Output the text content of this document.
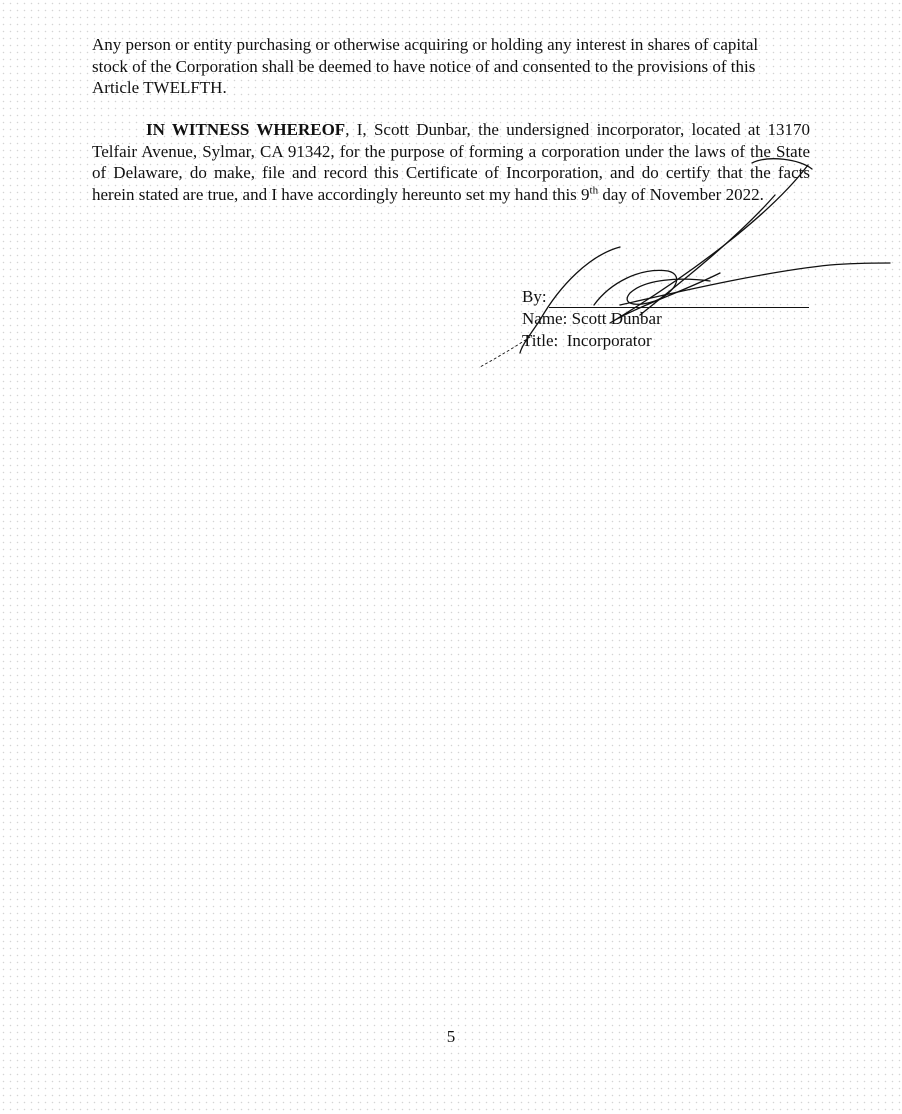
Any person or entity purchasing or otherwise acquiring or holding any interest in shares of capital stock of the Corporation shall be deemed to have notice of and consented to the provisions of this Article TWELFTH.

IN WITNESS WHEREOF, I, Scott Dunbar, the undersigned incorporator, located at 13170 Telfair Avenue, Sylmar, CA 91342, for the purpose of forming a corporation under the laws of the State of Delaware, do make, file and record this Certificate of Incorporation, and do certify that the facts herein stated are true, and I have accordingly hereunto set my hand this 9th day of November 2022.

By:
Name:
Scott Dunbar
Title:
Incorporator
5
